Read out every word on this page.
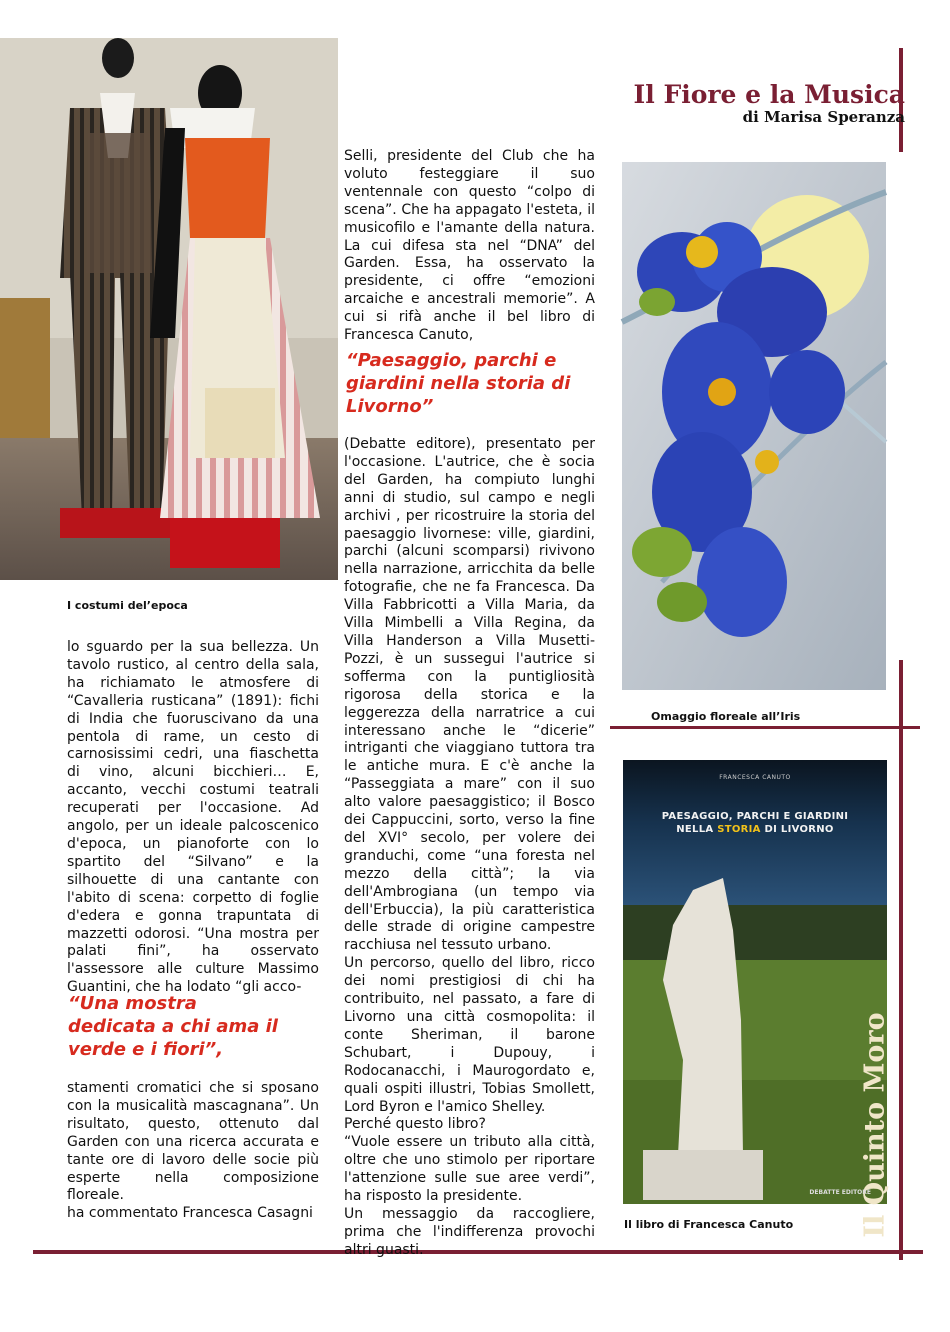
Il Fiore e la Musica
di Marisa Speranza
I costumi del’epoca
Omaggio floreale all’Iris
FRANCESCA CANUTO
PAESAGGIO, PARCHI E GIARDINI
NELLA STORIA DI LIVORNO
Il Quinto Moro
DEBATTE EDITORE
Il libro di Francesca Canuto

lo sguardo per la sua bellezza. Un tavolo rustico, al centro della sala, ha richiamato le atmosfere di “Cavalleria rusticana” (1891): fichi di India che fuoruscivano da una pentola di rame, un cesto di carnosissimi cedri, una fiaschetta di vino, alcuni bicchieri… E, accanto, vecchi costumi teatrali recuperati per l'occasione. Ad angolo, per un ideale palcoscenico d'epoca, un pianoforte con lo spartito del “Silvano” e la silhouette di una cantante con l'abito di scena: corpetto di foglie d'edera e gonna trapuntata di mazzetti odorosi. “Una mostra per palati fini”, ha osservato l'assessore alle culture Massimo Guantini, che ha lodato “gli acco-

“Una mostra dedicata a chi ama il verde e i fiori”,

stamenti cromatici che si sposano con la musicalità mascagnana”. Un risultato, questo, ottenuto dal Garden con una ricerca accurata e tante ore di lavoro delle socie più esperte nella composizione floreale.

ha commentato Francesca Casagni

Selli, presidente del Club che ha voluto festeggiare il suo ventennale con questo “colpo di scena”. Che ha appagato l'esteta, il musicofilo e l'amante della natura. La cui difesa sta nel “DNA” del Garden. Essa, ha osservato la presidente, ci offre “emozioni arcaiche e ancestrali memorie”. A cui si rifà anche il bel libro di Francesca Canuto,

“Paesaggio, parchi e giardini nella storia di Livorno”

(Debatte editore), presentato per l'occasione. L'autrice, che è socia del Garden, ha compiuto lunghi anni di studio, sul campo e negli archivi , per ricostruire la storia del paesaggio livornese: ville, giardini, parchi (alcuni scomparsi) rivivono nella narrazione, arricchita da belle fotografie, che ne fa Francesca. Da Villa Fabbricotti a Villa Maria, da Villa Mimbelli a Villa Regina, da Villa Handerson a Villa Musetti-Pozzi, è un sussegui l'autrice si sofferma con la puntigliosità rigorosa della storica e la leggerezza della narratrice a cui interessano anche le “dicerie” intriganti che viaggiano tuttora tra le antiche mura. E c'è anche la “Passeggiata a mare” con il suo alto valore paesaggistico; il Bosco dei Cappuccini, sorto, verso la fine del XVI° secolo, per volere dei granduchi, come “una foresta nel mezzo della città”; la via dell'Ambrogiana (un tempo via dell'Erbuccia), la più caratteristica delle strade di origine campestre racchiusa nel tessuto urbano.

Un percorso, quello del libro, ricco dei nomi prestigiosi di chi ha contribuito, nel passato, a fare di Livorno una città cosmopolita: il conte Sheriman, il barone Schubart, i Dupouy, i Rodocanacchi, i Maurogordato e, quali ospiti illustri, Tobias Smollett, Lord Byron e l'amico Shelley.

Perché questo libro?

“Vuole essere un tributo alla città, oltre che uno stimolo per riportare l'attenzione sulle sue aree verdi”, ha risposto la presidente.

Un messaggio da raccogliere, prima che l'indifferenza provochi altri guasti.
